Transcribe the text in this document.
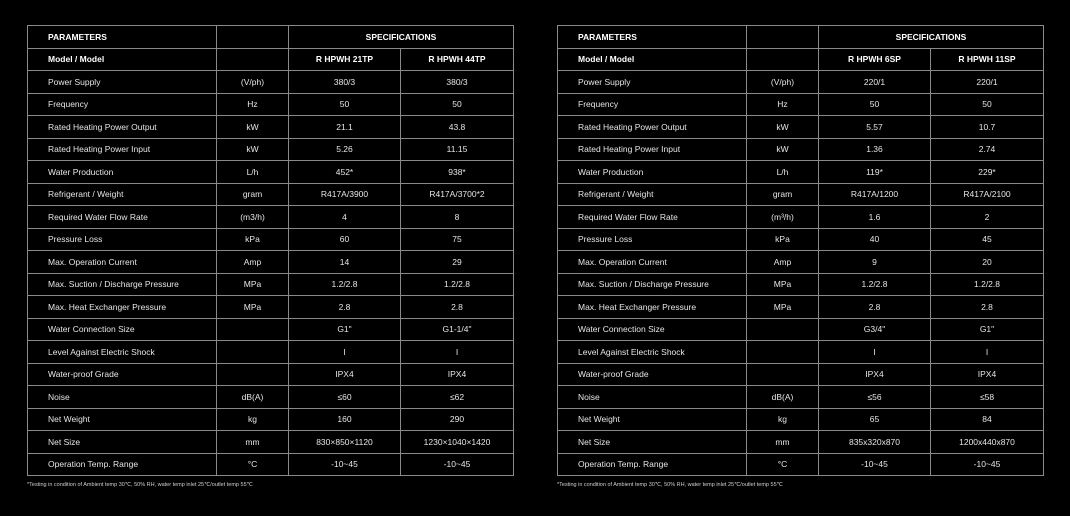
PARAMETERS		SPECIFICATIONS	
Model / Model		R HPWH 21TP	R HPWH 44TP
Power Supply	(V/ph)	380/3	380/3
Frequency	Hz	50	50
Rated Heating Power Output	kW	21.1	43.8
Rated Heating Power Input	kW	5.26	11.15
Water Production	L/h	452*	938*
Refrigerant / Weight	gram	R417A/3900	R417A/3700*2
Required Water Flow Rate	(m3/h)	4	8
Pressure Loss	kPa	60	75
Max. Operation Current	Amp	14	29
Max. Suction / Discharge Pressure	MPa	1.2/2.8	1.2/2.8
Max. Heat Exchanger Pressure	MPa	2.8	2.8
Water Connection Size		G1"	G1-1/4"
Level Against Electric Shock		I	I
Water-proof Grade		IPX4	IPX4
Noise	dB(A)	≤60	≤62
Net Weight	kg	160	290
Net Size	mm	830×850×1120	1230×1040×1420
Operation Temp. Range	°C	-10~45	-10~45
*Testing in condition of Ambient temp 30℃, 50% RH, water temp inlet 25℃/outlet temp 55℃
PARAMETERS		SPECIFICATIONS	
Model / Model		R HPWH 6SP	R HPWH 11SP
Power Supply	(V/ph)	220/1	220/1
Frequency	Hz	50	50
Rated Heating Power Output	kW	5.57	10.7
Rated Heating Power Input	kW	1.36	2.74
Water Production	L/h	119*	229*
Refrigerant / Weight	gram	R417A/1200	R417A/2100
Required Water Flow Rate	(m³/h)	1.6	2
Pressure Loss	kPa	40	45
Max. Operation Current	Amp	9	20
Max. Suction / Discharge Pressure	MPa	1.2/2.8	1.2/2.8
Max. Heat Exchanger Pressure	MPa	2.8	2.8
Water Connection Size		G3/4"	G1"
Level Against Electric Shock		I	I
Water-proof Grade		IPX4	IPX4
Noise	dB(A)	≤56	≤58
Net Weight	kg	65	84
Net Size	mm	835x320x870	1200x440x870
Operation Temp. Range	°C	-10~45	-10~45
*Testing in condition of Ambient temp 30℃, 50% RH, water temp inlet 25℃/outlet temp 55℃
